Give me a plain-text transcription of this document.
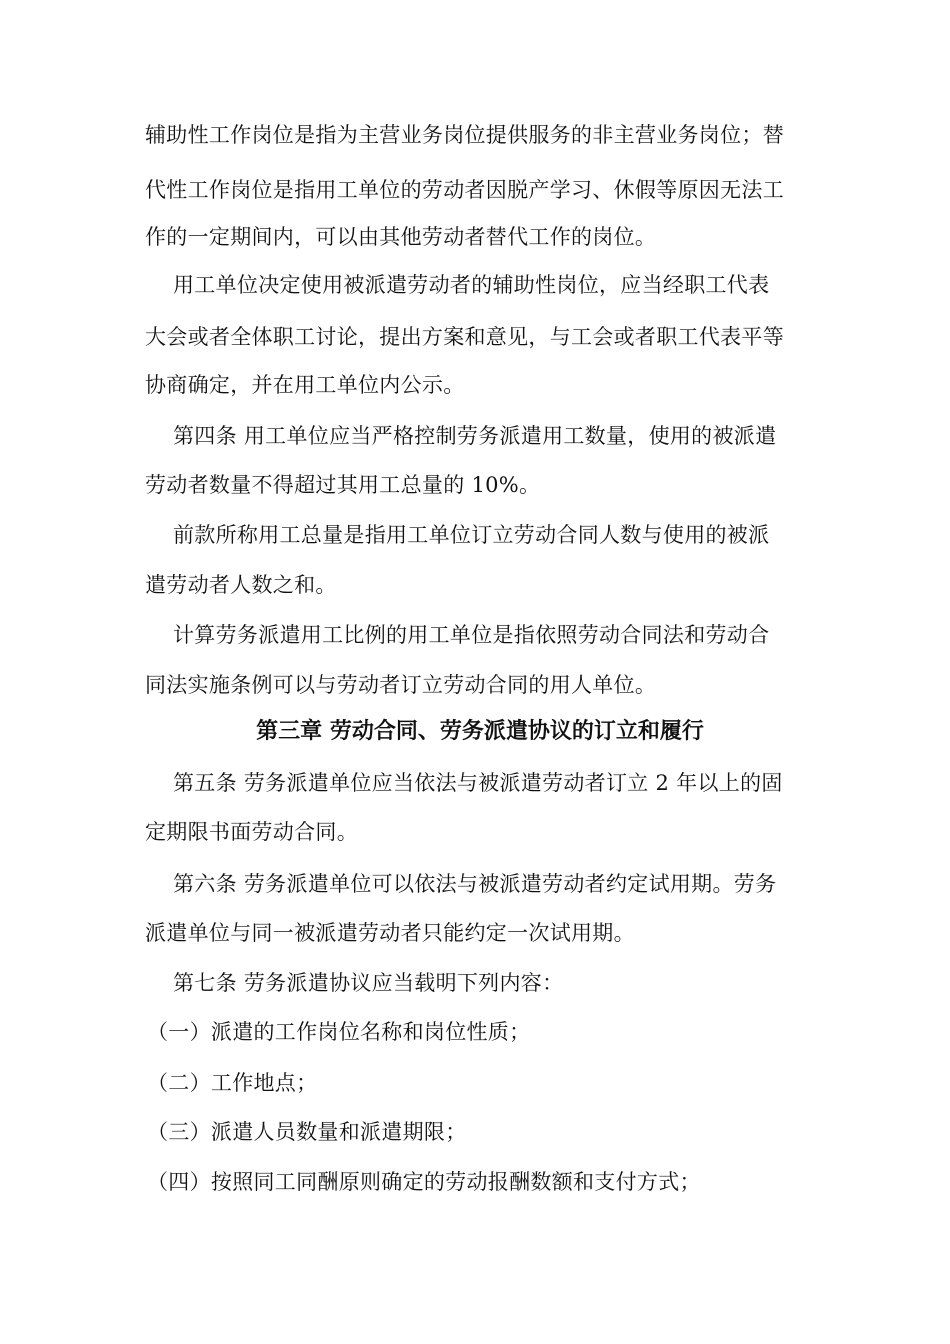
辅助性工作岗位是指为主营业务岗位提供服务的非主营业务岗位；替
代性工作岗位是指用工单位的劳动者因脱产学习、休假等原因无法工
作的一定期间内，可以由其他劳动者替代工作的岗位。
用工单位决定使用被派遣劳动者的辅助性岗位，应当经职工代表
大会或者全体职工讨论，提出方案和意见，与工会或者职工代表平等
协商确定，并在用工单位内公示。
第四条 用工单位应当严格控制劳务派遣用工数量，使用的被派遣
劳动者数量不得超过其用工总量的 10%。
前款所称用工总量是指用工单位订立劳动合同人数与使用的被派
遣劳动者人数之和。
计算劳务派遣用工比例的用工单位是指依照劳动合同法和劳动合
同法实施条例可以与劳动者订立劳动合同的用人单位。
第三章 劳动合同、劳务派遣协议的订立和履行
第五条 劳务派遣单位应当依法与被派遣劳动者订立 2 年以上的固
定期限书面劳动合同。
第六条 劳务派遣单位可以依法与被派遣劳动者约定试用期。劳务
派遣单位与同一被派遣劳动者只能约定一次试用期。
第七条 劳务派遣协议应当载明下列内容：
（一）派遣的工作岗位名称和岗位性质；
（二）工作地点；
（三）派遣人员数量和派遣期限；
（四）按照同工同酬原则确定的劳动报酬数额和支付方式；
